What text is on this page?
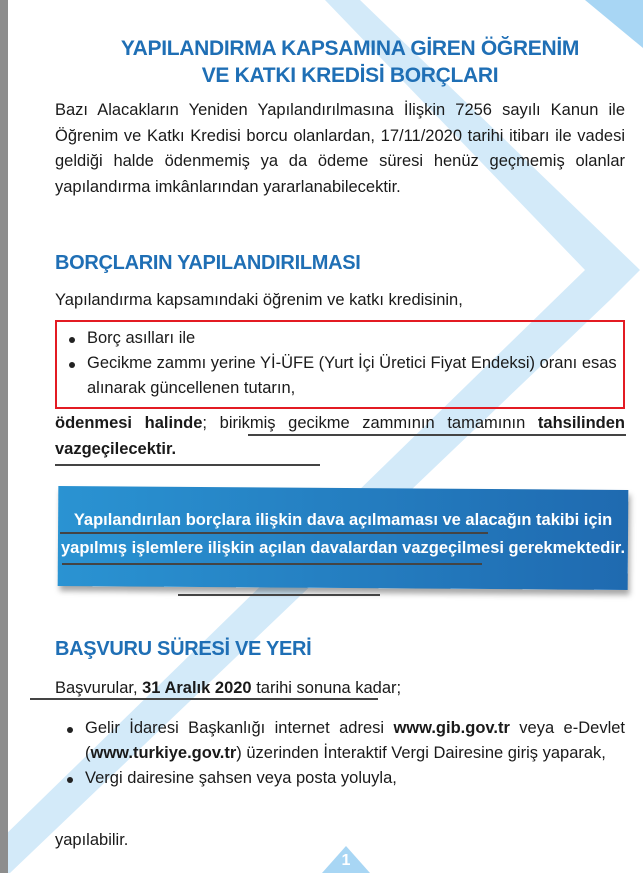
YAPILANDIRMA KAPSAMINA GİREN ÖĞRENİM
VE KATKI KREDİSİ BORÇLARI
Bazı Alacakların Yeniden Yapılandırılmasına İlişkin 7256 sayılı Kanun ile Öğrenim ve Katkı Kredisi borcu olanlardan, 17/11/2020 tarihi itibarı ile vadesi geldiği halde ödenmemiş ya da ödeme süresi henüz geçmemiş olanlar yapılandırma imkânlarından yararlanabilecektir.
BORÇLARIN YAPILANDIRILMASI
Yapılandırma kapsamındaki öğrenim ve katkı kredisinin,
Borç asılları ile
Gecikme zammı yerine Yİ-ÜFE (Yurt İçi Üretici Fiyat Endeksi) oranı esas alınarak güncellenen tutarın,
ödenmesi halinde; birikmiş gecikme zammının tamamının tahsilinden vazgeçilecektir.
Yapılandırılan borçlara ilişkin dava açılmaması ve alacağın takibi için yapılmış işlemlere ilişkin açılan davalardan vazgeçilmesi gerekmektedir.
BAŞVURU SÜRESİ VE YERİ
Başvurular, 31 Aralık 2020 tarihi sonuna kadar;
Gelir İdaresi Başkanlığı internet adresi www.gib.gov.tr veya e-Devlet (www.turkiye.gov.tr) üzerinden İnteraktif Vergi Dairesine giriş yaparak,
Vergi dairesine şahsen veya posta yoluyla,
yapılabilir.
1
